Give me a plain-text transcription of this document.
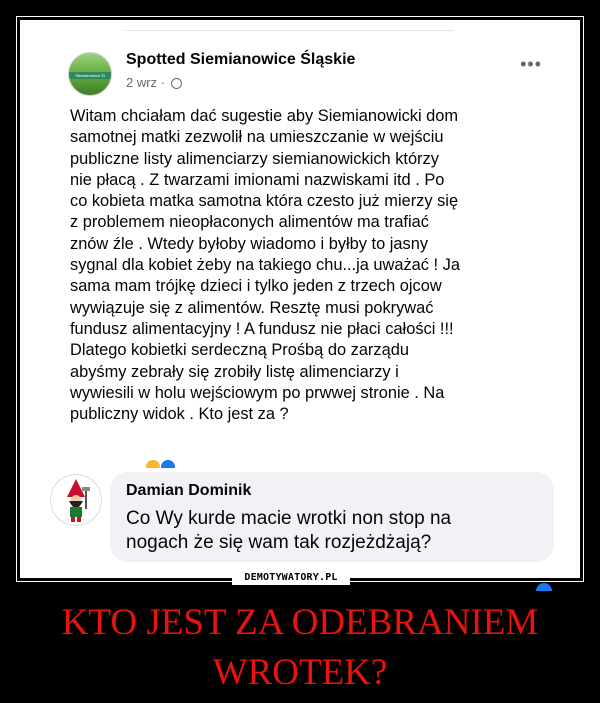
Siemianowice Śl
Spotted Siemianowice Śląskie
2 wrz ·
•••
Witam chciałam dać sugestie aby Siemianowicki dom
samotnej matki zezwolił na umieszczanie w wejściu
publiczne listy alimenciarzy siemianowickich którzy
nie płacą . Z twarzami imionami nazwiskami itd . Po
co kobieta matka samotna która czesto już mierzy się
z problemem nieopłaconych alimentów ma trafiać
znów źle . Wtedy byłoby wiadomo i byłby to jasny
sygnal dla kobiet żeby na takiego chu...ja uważać ! Ja
sama mam trójkę dzieci i tylko jeden z trzech ojcow
wywiązuje się z alimentów. Resztę musi pokrywać
fundusz alimentacyjny ! A fundusz nie płaci całości !!!
Dlatego kobietki serdeczną Prośbą do zarządu
abyśmy zebrały się zrobiły listę alimenciarzy i
wywiesili w holu wejściowym po prwwej stronie . Na
publiczny widok . Kto jest za ?

Damian Dominik
Co Wy kurde macie wrotki non stop na
nogach że się wam tak rozjeżdżają?

DEMOTYWATORY.PL
KTO JEST ZA ODEBRANIEM
WROTEK?
